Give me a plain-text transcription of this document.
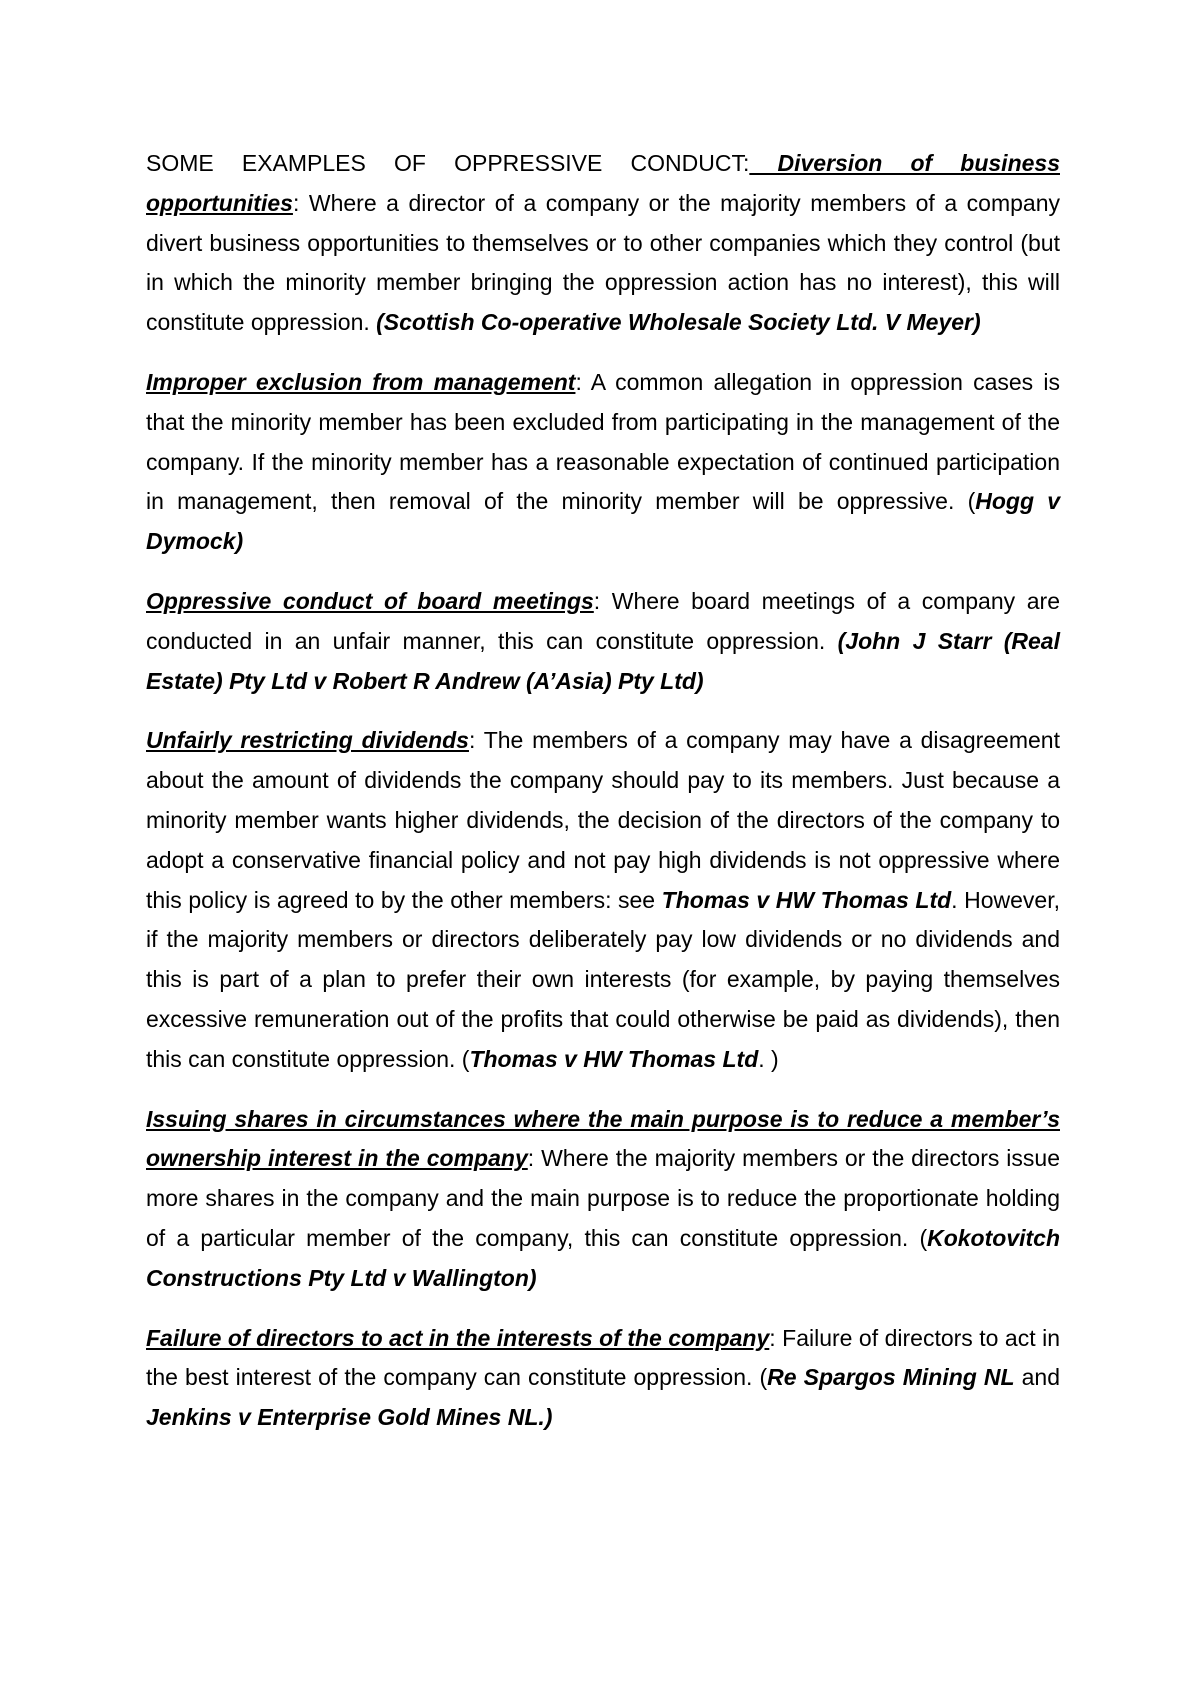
SOME EXAMPLES OF OPPRESSIVE CONDUCT: Diversion of business opportunities: Where a director of a company or the majority members of a company divert business opportunities to themselves or to other companies which they control (but in which the minority member bringing the oppression action has no interest), this will constitute oppression. (Scottish Co-operative Wholesale Society Ltd. V Meyer)

Improper exclusion from management: A common allegation in oppression cases is that the minority member has been excluded from participating in the management of the company. If the minority member has a reasonable expectation of continued participation in management, then removal of the minority member will be oppressive. (Hogg v Dymock)

Oppressive conduct of board meetings: Where board meetings of a company are conducted in an unfair manner, this can constitute oppression. (John J Starr (Real Estate) Pty Ltd v Robert R Andrew (A’Asia) Pty Ltd)

Unfairly restricting dividends: The members of a company may have a disagreement about the amount of dividends the company should pay to its members. Just because a minority member wants higher dividends, the decision of the directors of the company to adopt a conservative financial policy and not pay high dividends is not oppressive where this policy is agreed to by the other members: see Thomas v HW Thomas Ltd. However, if the majority members or directors deliberately pay low dividends or no dividends and this is part of a plan to prefer their own interests (for example, by paying themselves excessive remuneration out of the profits that could otherwise be paid as dividends), then this can constitute oppression. (Thomas v HW Thomas Ltd. )

Issuing shares in circumstances where the main purpose is to reduce a member’s ownership interest in the company: Where the majority members or the directors issue more shares in the company and the main purpose is to reduce the proportionate holding of a particular member of the company, this can constitute oppression. (Kokotovitch Constructions Pty Ltd v Wallington)

Failure of directors to act in the interests of the company: Failure of directors to act in the best interest of the company can constitute oppression. (Re Spargos Mining NL and Jenkins v Enterprise Gold Mines NL.)
